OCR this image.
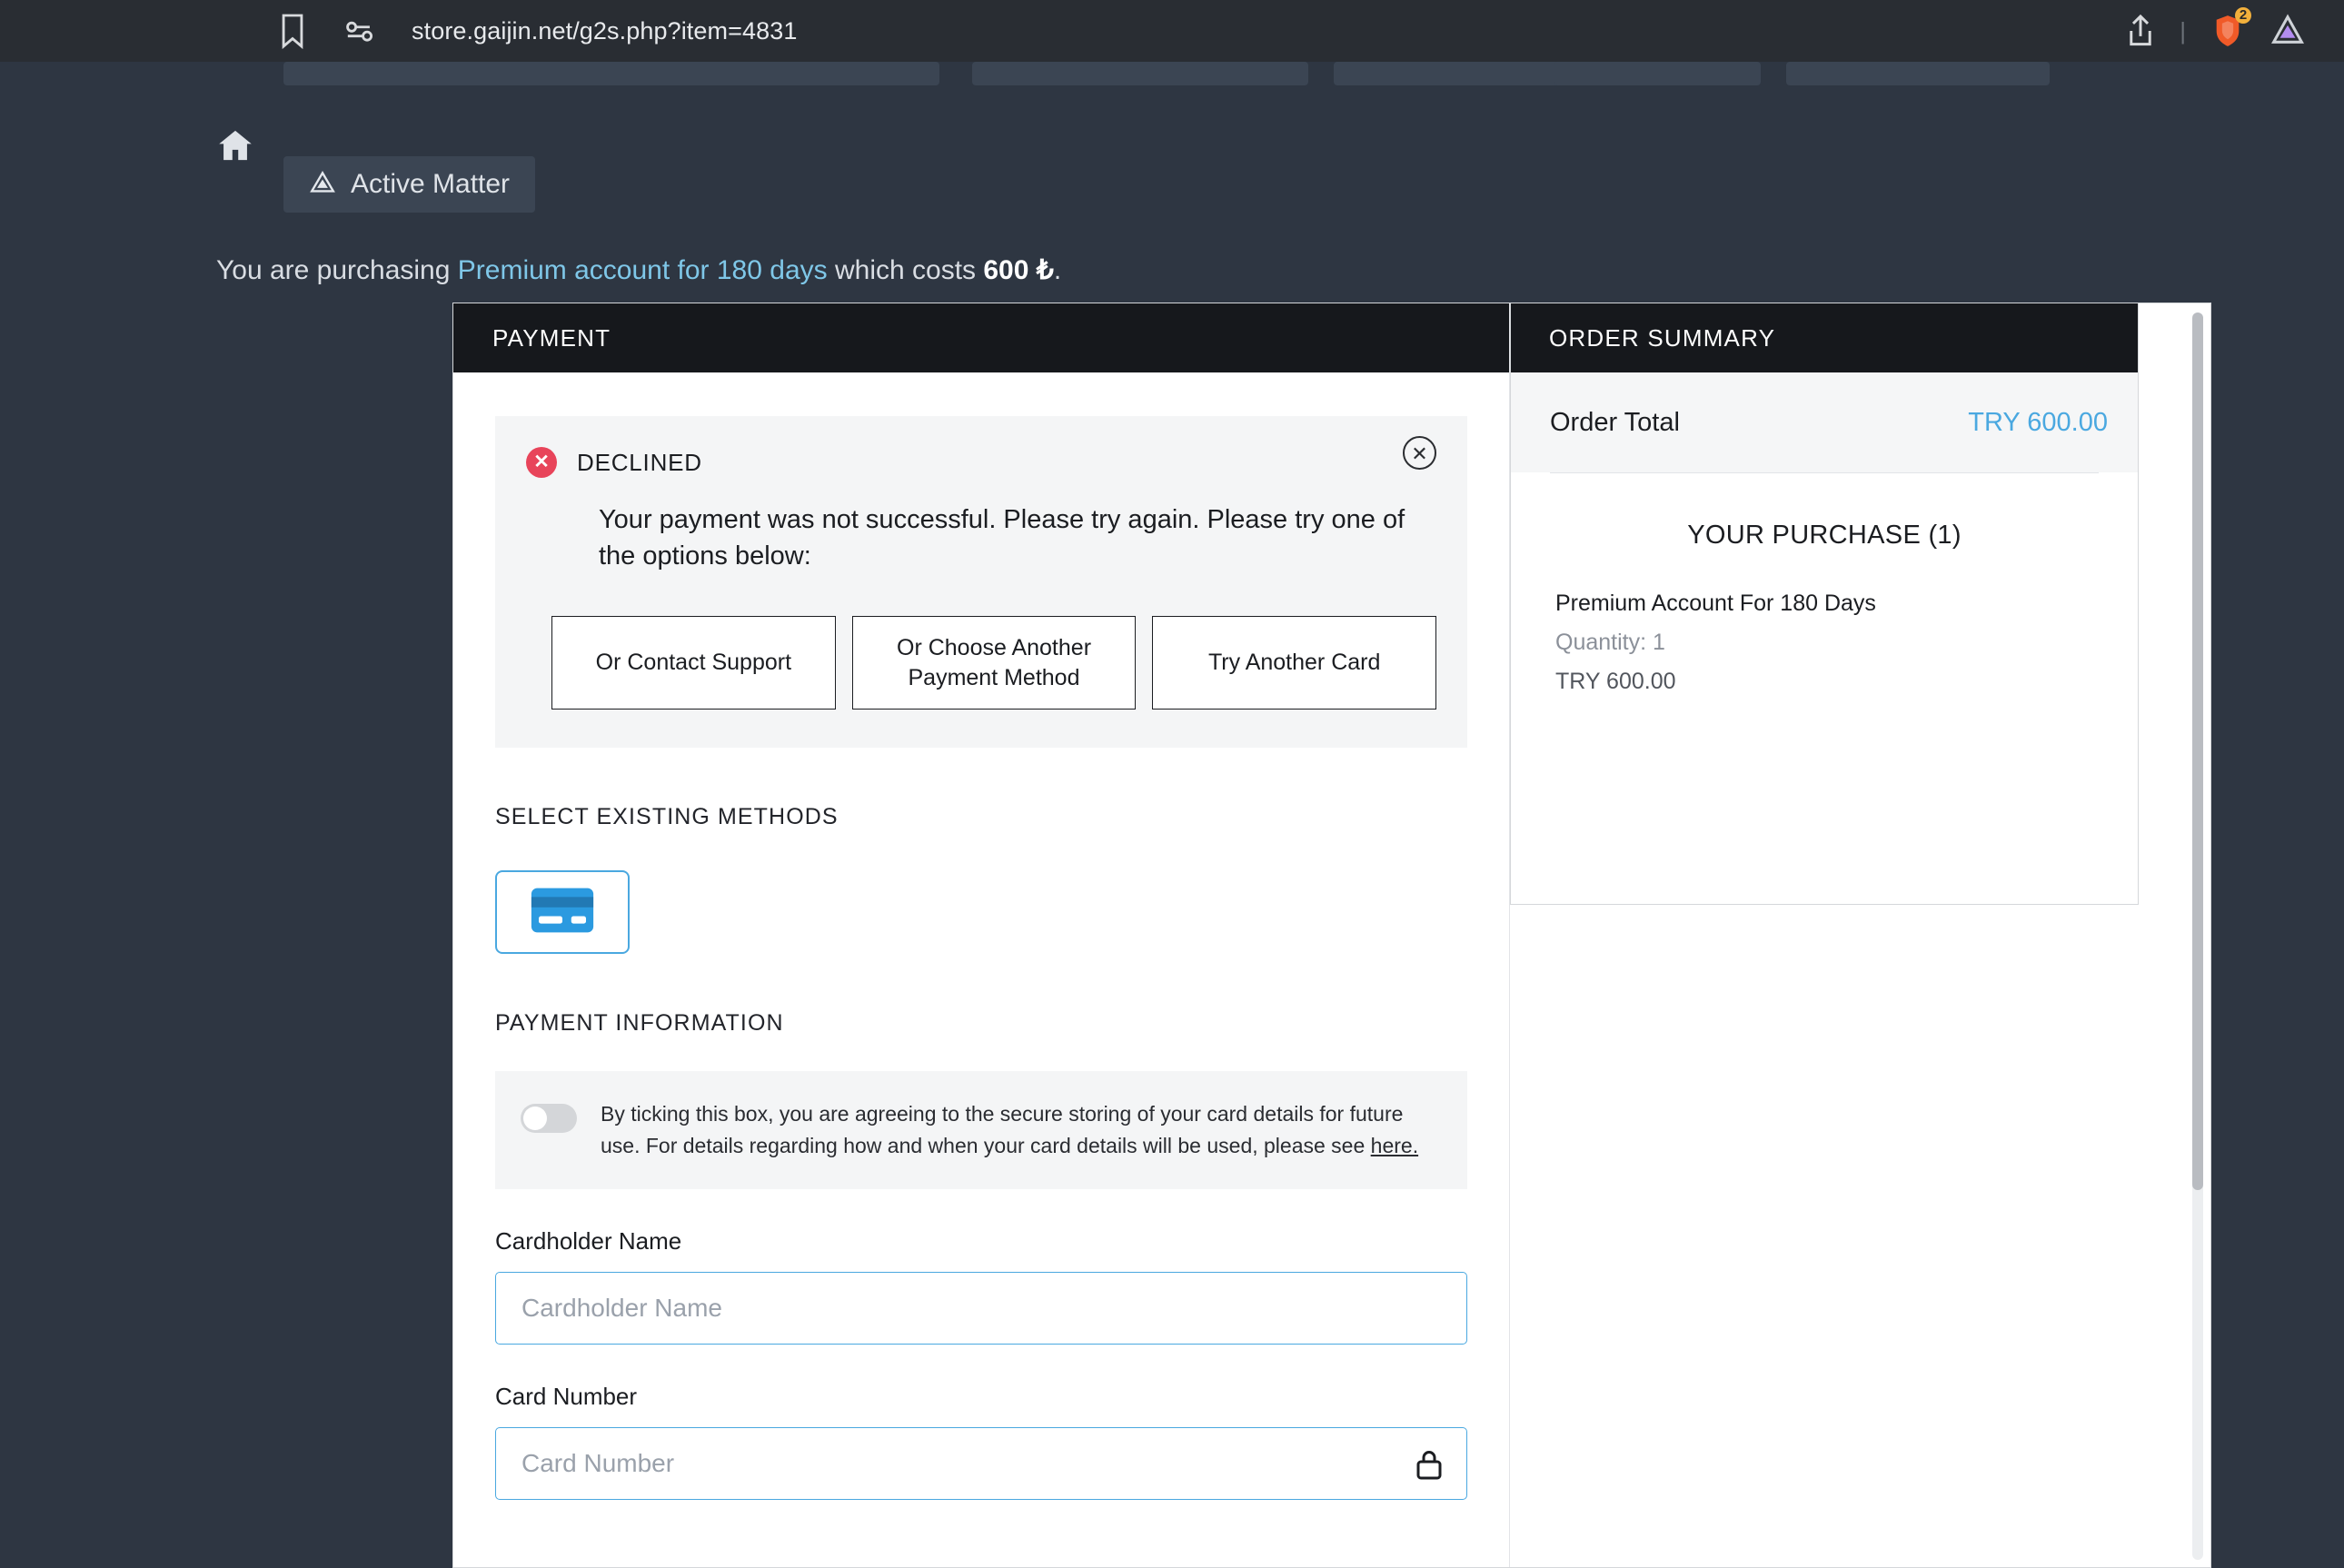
store.gaijin.net/g2s.php?item=4831	|
2
Active Matter
You are purchasing Premium account for 180 days which costs 600 ₺.
PAYMENT
✕
✕	DECLINED
Your payment was not successful. Please try again. Please try one of the options below:
Or Contact Support
Or Choose Another Payment Method
Try Another Card
SELECT EXISTING METHODS
PAYMENT INFORMATION
By ticking this box, you are agreeing to the secure storing of your card details for future use. For details regarding how and when your card details will be used, please see here.
Cardholder Name
Cardholder Name
Card Number
Card Number
ORDER SUMMARY
Order Total	TRY 600.00
YOUR PURCHASE (1)
Premium Account For 180 Days
Quantity: 1
TRY 600.00
